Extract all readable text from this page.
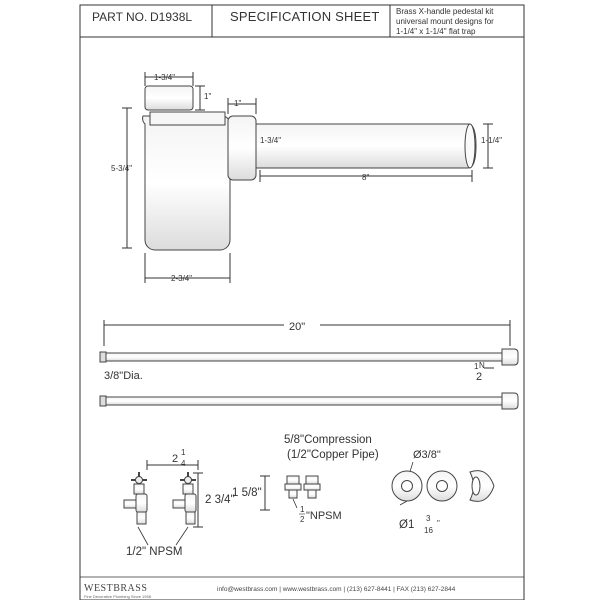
PART NO. D1938L	SPECIFICATION SHEET Brass X-handle pedestal kit
universal mount designs for
1-1/4" x 1-1/4" flat trap
1-3/4"
1"
1"
1-3/4"
5-3/4"
8"
1-1/4"
2-3/4"
20"
3/8"Dia.
1 N
2
2
1
4
2 3/4"
1/2" NPSM
5/8"Compression
(1/2"Copper Pipe)
1 5/8"
1
2 "NPSM
Ø3/8"
Ø1
3
16
"
WESTBRASS
Fine Decorative Plumbing Since 1958
info@westbrass.com | www.westbrass.com | (213) 627-8441 | FAX (213) 627-2844
